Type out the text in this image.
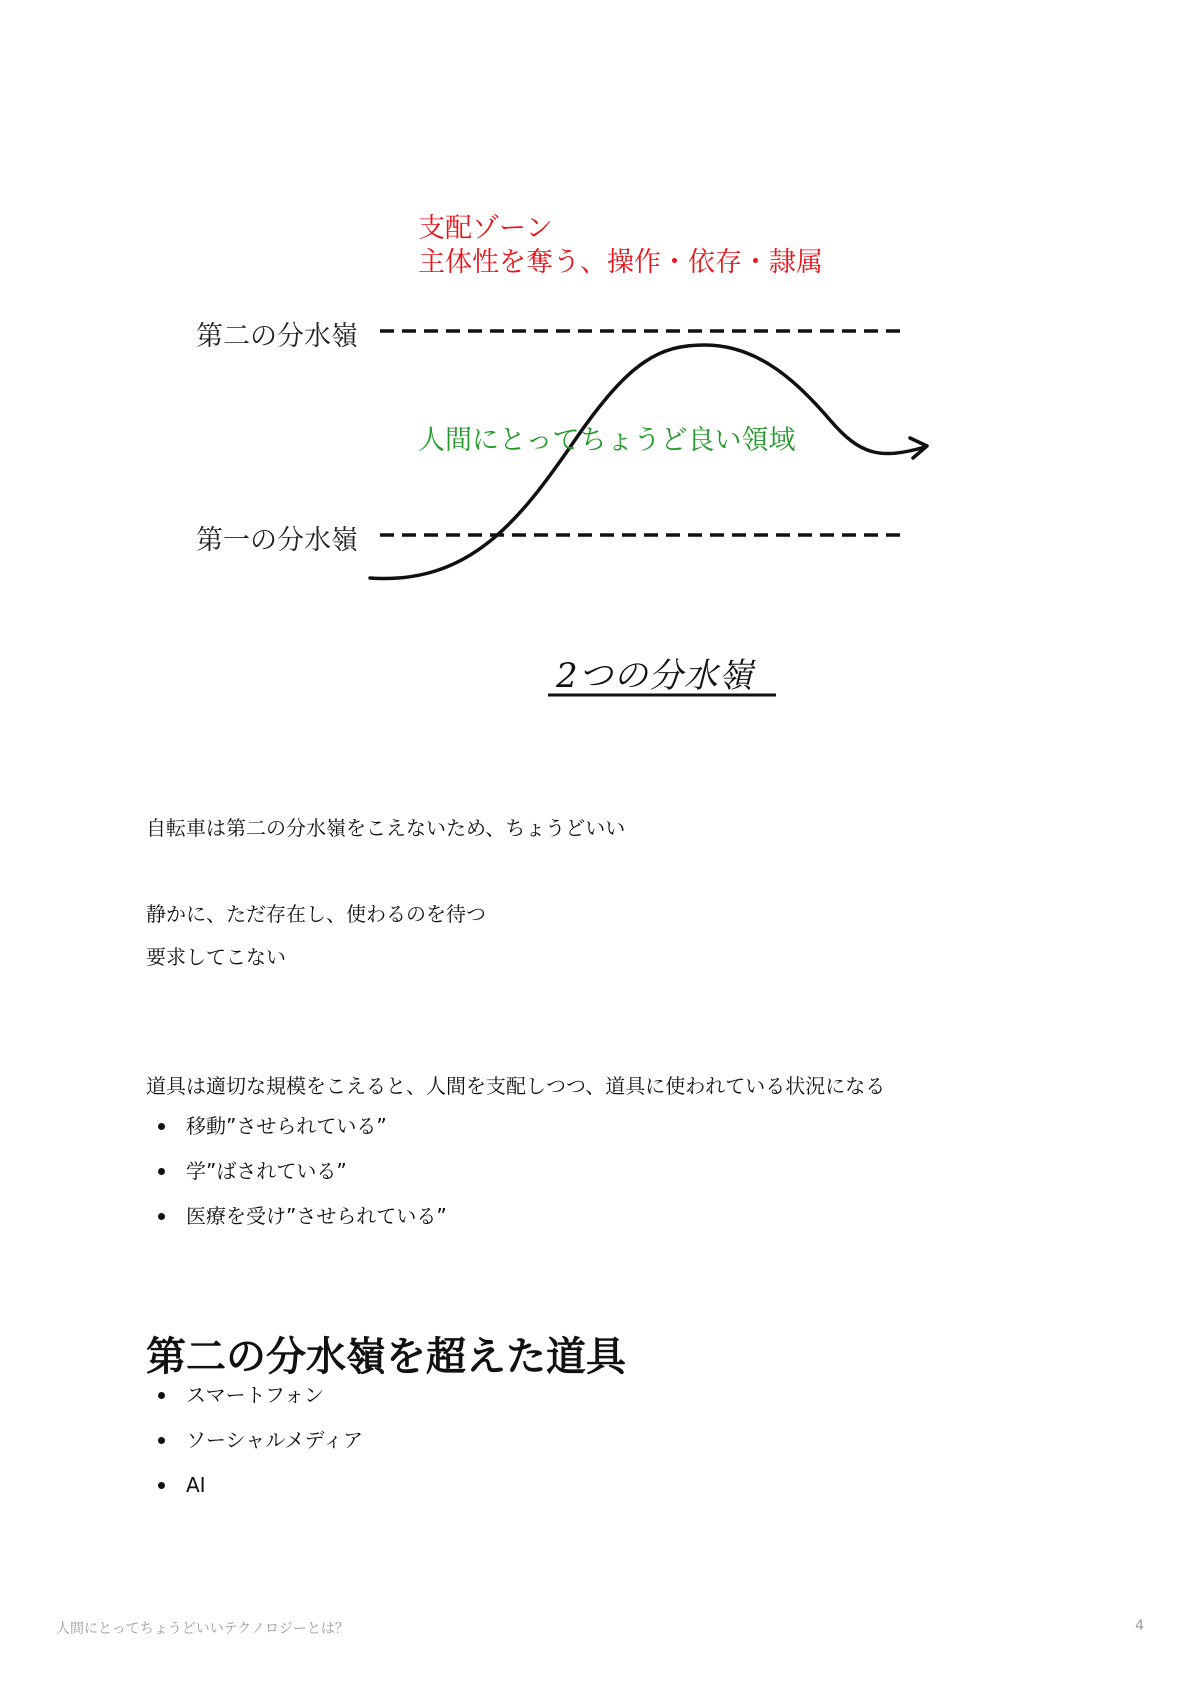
支配ゾーン
主体性を奪う、操作・依存・隷属
第二の分水嶺
人間にとってちょうど良い領域
第一の分水嶺
2つの分水嶺
自転車は第二の分水嶺をこえないため、ちょうどいい
静かに、ただ存在し、使わるのを待つ
要求してこない
道具は適切な規模をこえると、人間を支配しつつ、道具に使われている状況になる
移動”させられている”
学”ばされている”
医療を受け”させられている”
第二の分水嶺を超えた道具
スマートフォン
ソーシャルメディア
AI
人間にとってちょうどいいテクノロジーとは？	4
